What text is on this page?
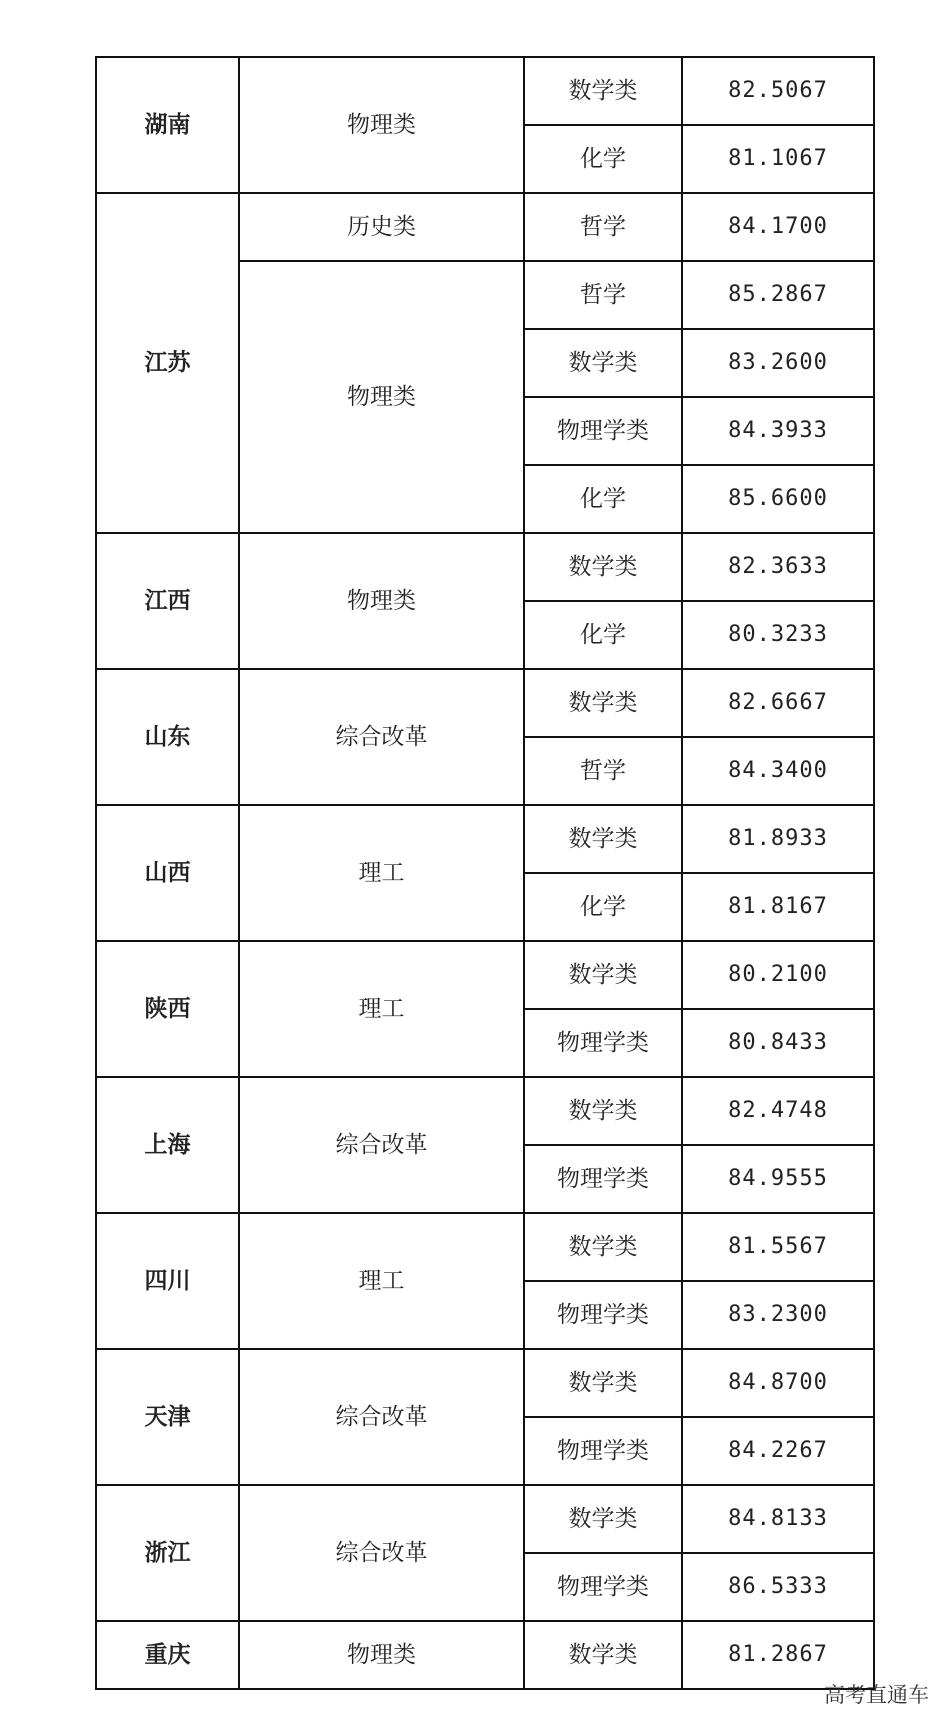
湖南	物理类	数学类	82.5067
		化学	81.1067
江苏	历史类	哲学	84.1700
	物理类	哲学	85.2867
		数学类	83.2600
		物理学类	84.3933
		化学	85.6600
江西	物理类	数学类	82.3633
		化学	80.3233
山东	综合改革	数学类	82.6667
		哲学	84.3400
山西	理工	数学类	81.8933
		化学	81.8167
陕西	理工	数学类	80.2100
		物理学类	80.8433
上海	综合改革	数学类	82.4748
		物理学类	84.9555
四川	理工	数学类	81.5567
		物理学类	83.2300
天津	综合改革	数学类	84.8700
		物理学类	84.2267
浙江	综合改革	数学类	84.8133
		物理学类	86.5333
重庆	物理类	数学类	81.2867
高考直通车
